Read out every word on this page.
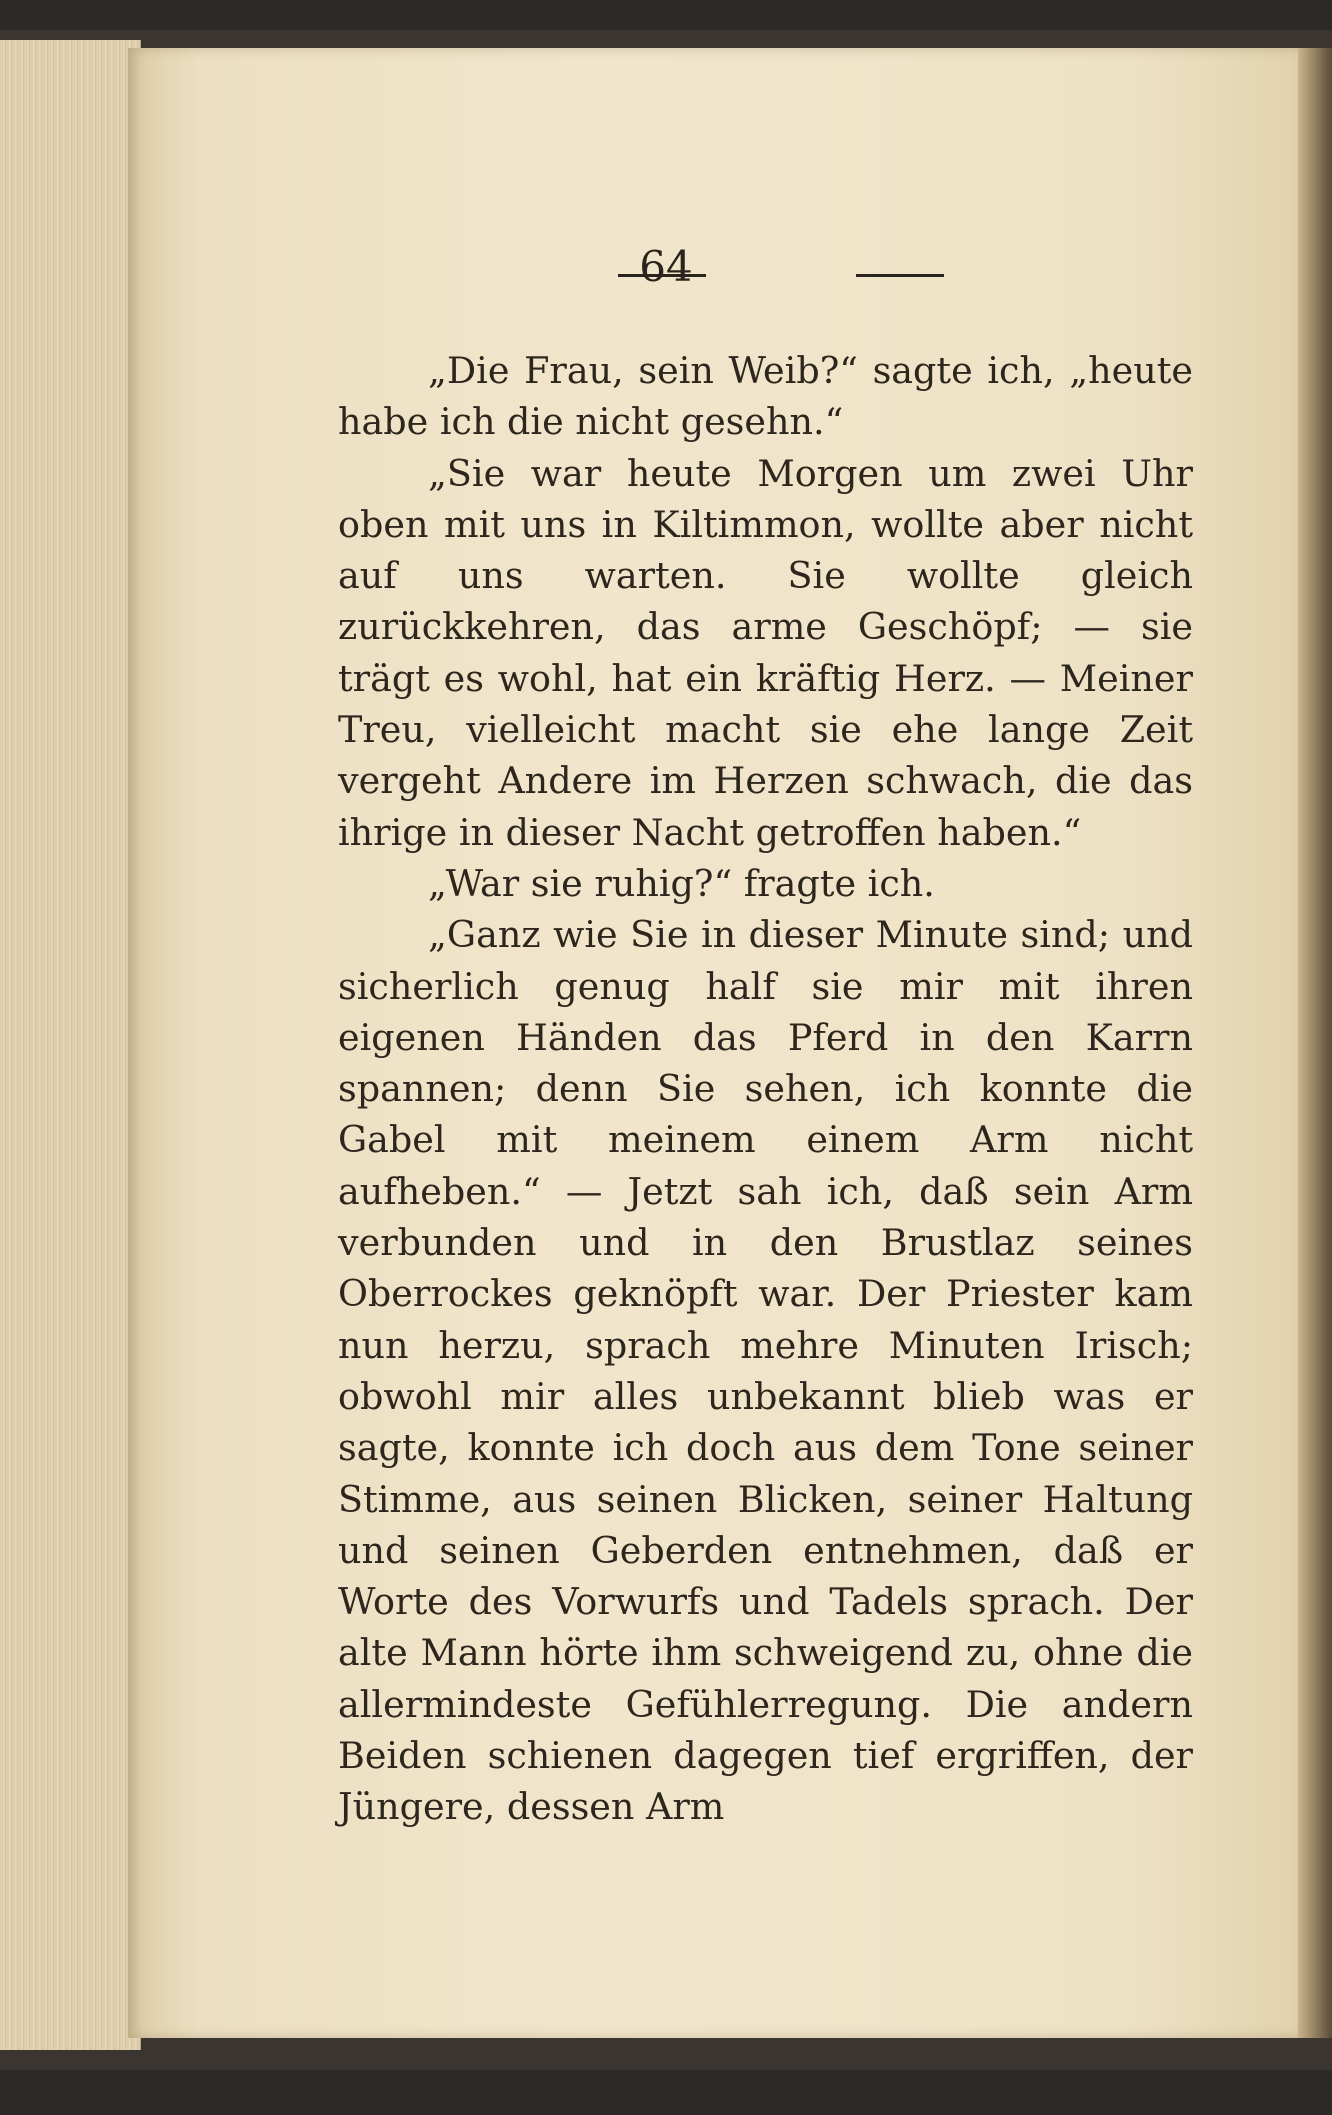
64

„Die Frau, sein Weib?“ sagte ich, „heute habe ich die nicht gesehn.“

„Sie war heute Morgen um zwei Uhr oben mit uns in Kiltimmon, wollte aber nicht auf uns warten. Sie wollte gleich zurückkehren, das arme Geschöpf; — sie trägt es wohl, hat ein kräftig Herz. — Meiner Treu, vielleicht macht sie ehe lange Zeit vergeht Andere im Herzen schwach, die das ihrige in dieser Nacht getroffen haben.“

„War sie ruhig?“ fragte ich.

„Ganz wie Sie in dieser Minute sind; und sicherlich genug half sie mir mit ihren eigenen Händen das Pferd in den Karrn spannen; denn Sie sehen, ich konnte die Gabel mit meinem einem Arm nicht aufheben.“ — Jetzt sah ich, daß sein Arm verbunden und in den Brustlaz seines Oberrockes geknöpft war. Der Priester kam nun herzu, sprach mehre Minuten Irisch; obwohl mir alles unbekannt blieb was er sagte, konnte ich doch aus dem Tone seiner Stimme, aus seinen Blicken, seiner Haltung und seinen Geberden entnehmen, daß er Worte des Vorwurfs und Tadels sprach. Der alte Mann hörte ihm schweigend zu, ohne die allermindeste Gefühlerregung. Die andern Beiden schienen dagegen tief ergriffen, der Jüngere, dessen Arm
